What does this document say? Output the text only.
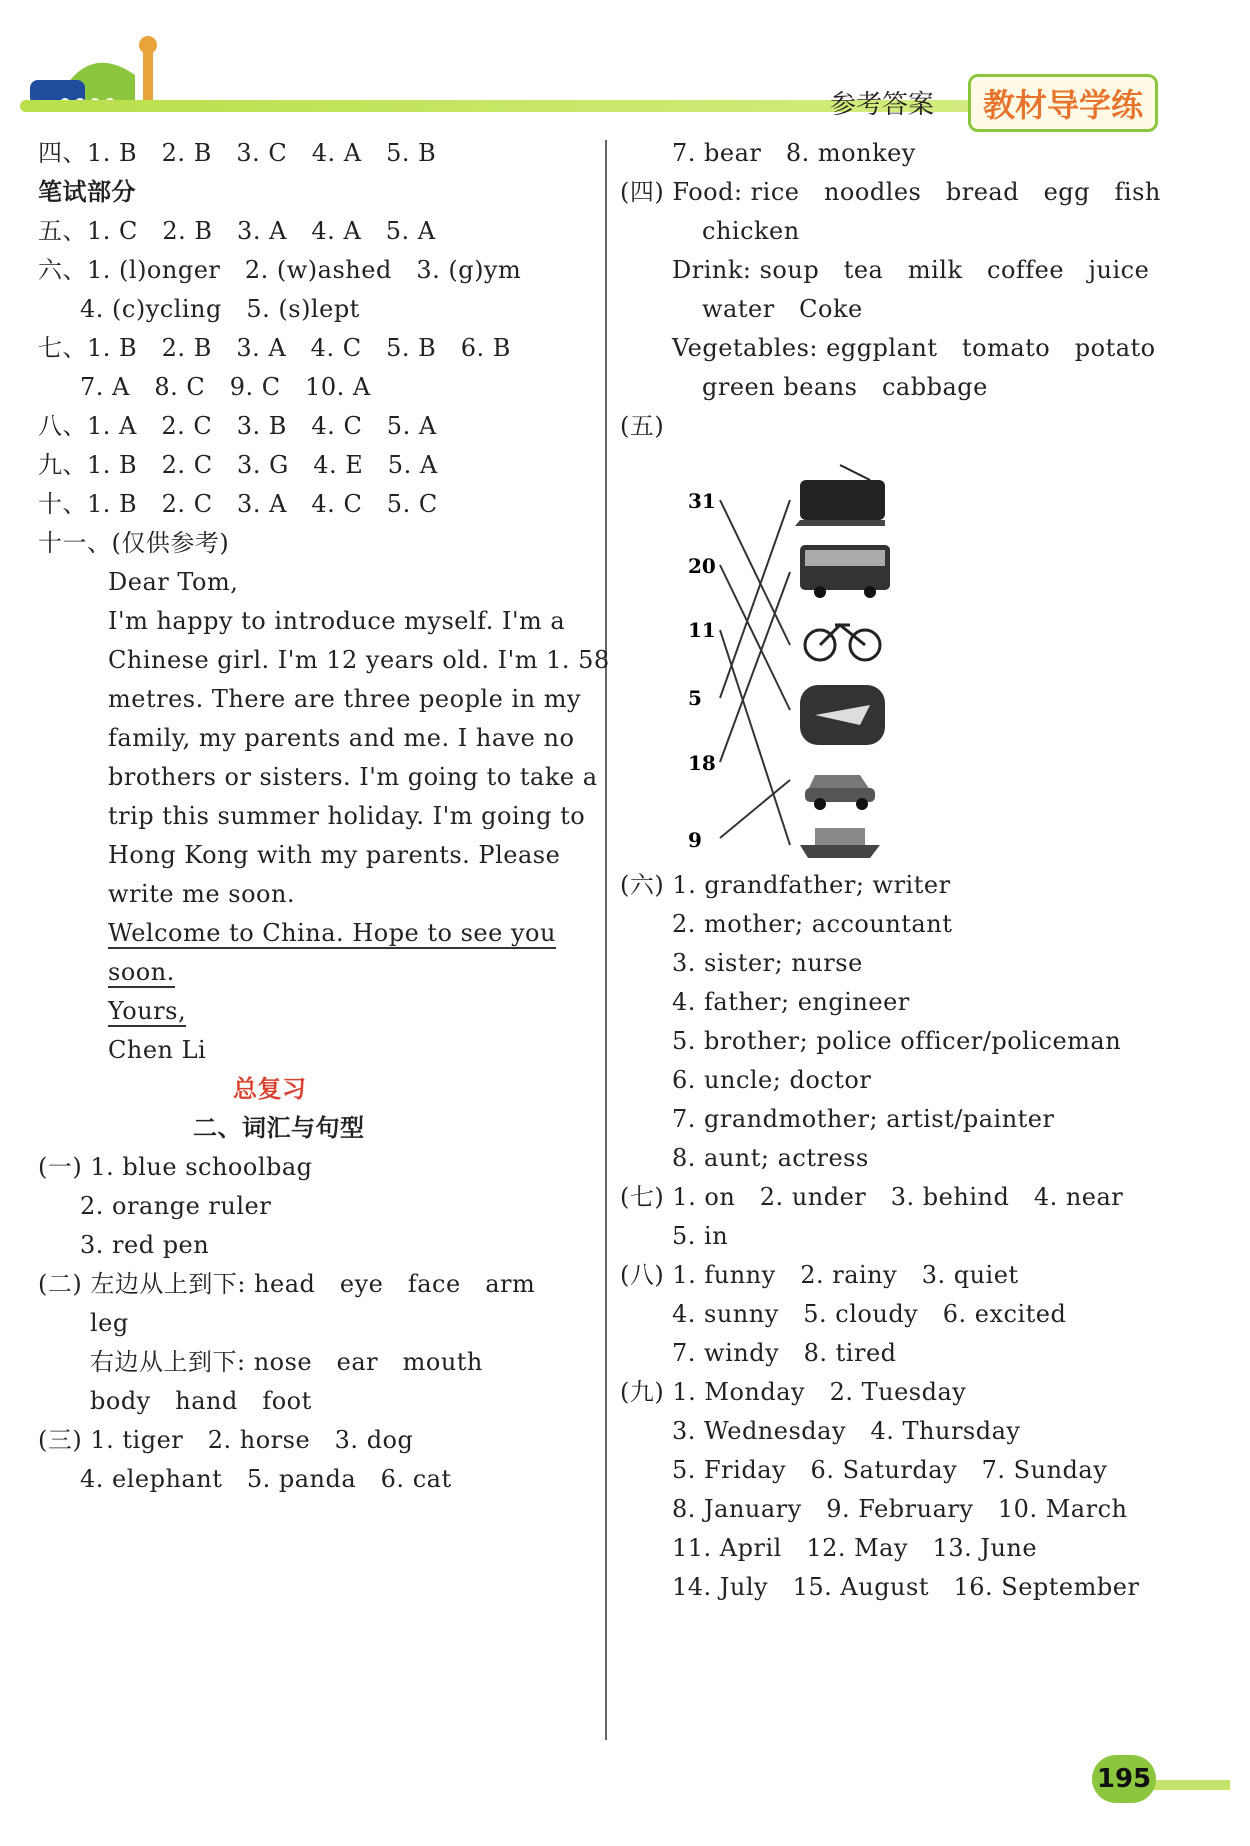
参考答案	教材导学练
四、1. B　2. B　3. C　4. A　5. B
笔试部分
五、1. C　2. B　3. A　4. A　5. A
六、1. (l)onger　2. (w)ashed　3. (g)ym
4. (c)ycling　5. (s)lept
七、1. B　2. B　3. A　4. C　5. B　6. B
7. A　8. C　9. C　10. A
八、1. A　2. C　3. B　4. C　5. A
九、1. B　2. C　3. G　4. E　5. A
十、1. B　2. C　3. A　4. C　5. C
十一、(仅供参考)
Dear Tom,
I'm happy to introduce myself. I'm a
Chinese girl. I'm 12 years old. I'm 1. 58
metres. There are three people in my
family, my parents and me. I have no
brothers or sisters. I'm going to take a
trip this summer holiday. I'm going to
Hong Kong with my parents. Please
write me soon.
Welcome to China. Hope to see you
soon.
Yours,
Chen Li
总复习
二、词汇与句型
(一) 1. blue schoolbag
2. orange ruler
3. red pen
(二) 左边从上到下: head　eye　face　arm
leg
右边从上到下: nose　ear　mouth
body　hand　foot
(三) 1. tiger　2. horse　3. dog
4. elephant　5. panda　6. cat
7. bear　8. monkey
(四) Food: rice　noodles　bread　egg　fish
chicken
Drink: soup　tea　milk　coffee　juice
water　Coke
Vegetables: eggplant　tomato　potato
green beans　cabbage
(五)
31
20
11
5
18
9
(六) 1. grandfather; writer
2. mother; accountant
3. sister; nurse
4. father; engineer
5. brother; police officer/policeman
6. uncle; doctor
7. grandmother; artist/painter
8. aunt; actress
(七) 1. on　2. under　3. behind　4. near
5. in
(八) 1. funny　2. rainy　3. quiet
4. sunny　5. cloudy　6. excited
7. windy　8. tired
(九) 1. Monday　2. Tuesday
3. Wednesday　4. Thursday
5. Friday　6. Saturday　7. Sunday
8. January　9. February　10. March
11. April　12. May　13. June
14. July　15. August　16. September
195
